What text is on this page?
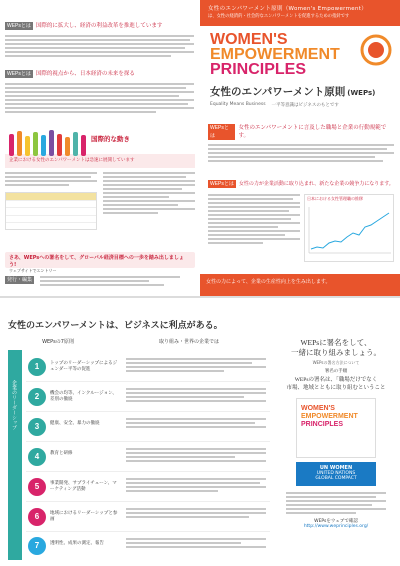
WEPsとは 国際的に拡大し、経済の利益改革を推進しています
WEPsとは 国際的視点から、日本経済の未来を探る
国際的な動き
企業における女性のエンパワーメントは急速に展開しています
さあ、WEPsへの署名をして、グローバル経済目標への一歩を踏み出しましょう!
ウェブサイトでエントリー
発行・編集
女性のエンパワーメント原則（Women's Empowerment）
は、女性の経済的・社会的なエンパワーメントを促進するための指針です
WOMEN'S
EMPOWERMENT
PRINCIPLES
女性のエンパワーメント原則 (WEPs)
Equality Means Business 一平等意識はビジネスのもとです
WEPsとは
女性のエンパワーメントに言及した職場と企業の行動規範です。
WEPsとは	女性の力が企業活動に取り込まれ、新たな企業の競争力になります。
日本における女性管理職の推移
女性の力によって、企業の生産性向上を生み出します。
女性のエンパワーメントは、ビジネスに利点がある。
WEPsの7原則	取り組み・世界の企業では
企業のリーダーシップ
1	トップのリーダーシップによるジェンダー平等の促進
2	機会の均等、インクルージョン、差別の撤廃
3	健康、安全、暴力の撤廃
4	教育と研修
5	事業開発、サプライチェーン、マーケティング活動
6	地域におけるリーダーシップと参画
7	透明性、成果の測定、報告
WEPsに署名をして、
一緒に取り組みましょう。
WEPsの署名方法について
署名の手順
WEPsの署名は、「職場だけでなく
市場、地域とともに取り組むということ
WOMEN'S
EMPOWERMENT
PRINCIPLES
UN WOMEN
UNITED NATIONS
GLOBAL COMPACT
WEPsをウェブで確認
http://www.weprinciples.org/
